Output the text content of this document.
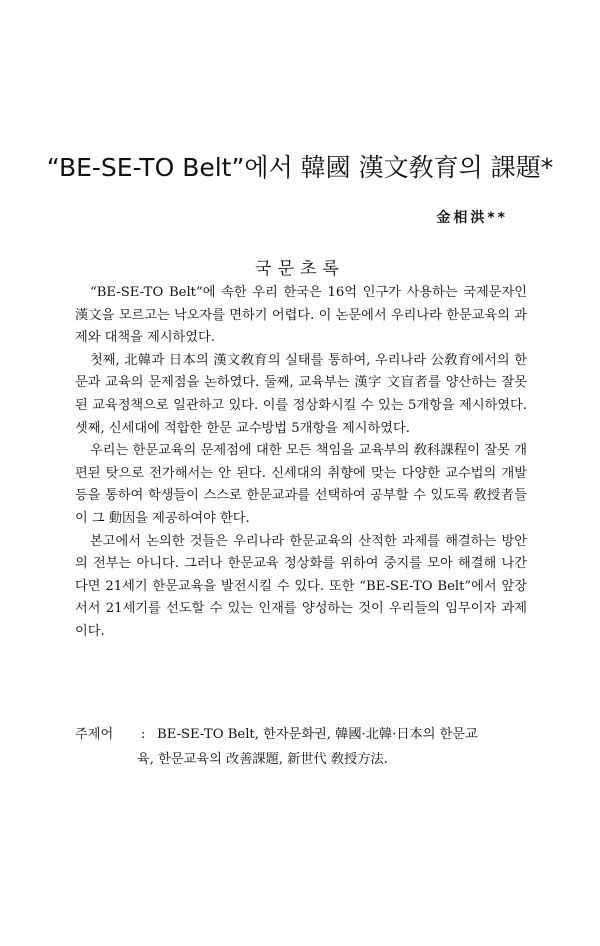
“BE-SE-TO Belt”에서 韓國 漢文敎育의 課題*
金相洪**
국문초록

“BE-SE-TO Belt”에 속한 우리 한국은 16억 인구가 사용하는 국제문자인 漢文을 모르고는 낙오자를 면하기 어렵다. 이 논문에서 우리나라 한문교육의 과제와 대책을 제시하였다.

첫째, 北韓과 日本의 漢文敎育의 실태를 통하여, 우리나라 公敎育에서의 한문과 교육의 문제점을 논하였다. 둘째, 교육부는 漢字 文盲者를 양산하는 잘못된 교육정책으로 일관하고 있다. 이를 정상화시킬 수 있는 5개항을 제시하였다. 셋째, 신세대에 적합한 한문 교수방법 5개항을 제시하였다.

우리는 한문교육의 문제점에 대한 모든 책임을 교육부의 敎科課程이 잘못 개편된 탓으로 전가해서는 안 된다. 신세대의 취향에 맞는 다양한 교수법의 개발 등을 통하여 학생들이 스스로 한문교과를 선택하여 공부할 수 있도록 敎授者들이 그 動因을 제공하여야 한다.

본고에서 논의한 것들은 우리나라 한문교육의 산적한 과제를 해결하는 방안의 전부는 아니다. 그러나 한문교육 정상화를 위하여 중지를 모아 해결해 나간다면 21세기 한문교육을 발전시킬 수 있다. 또한 “BE-SE-TO Belt”에서 앞장서서 21세기를 선도할 수 있는 인재를 양성하는 것이 우리들의 임무이자 과제이다.

주제어	: BE-SE-TO Belt, 한자문화권, 韓國·北韓·日本의 한문교
육, 한문교육의 改善課題, 新世代 敎授方法.
